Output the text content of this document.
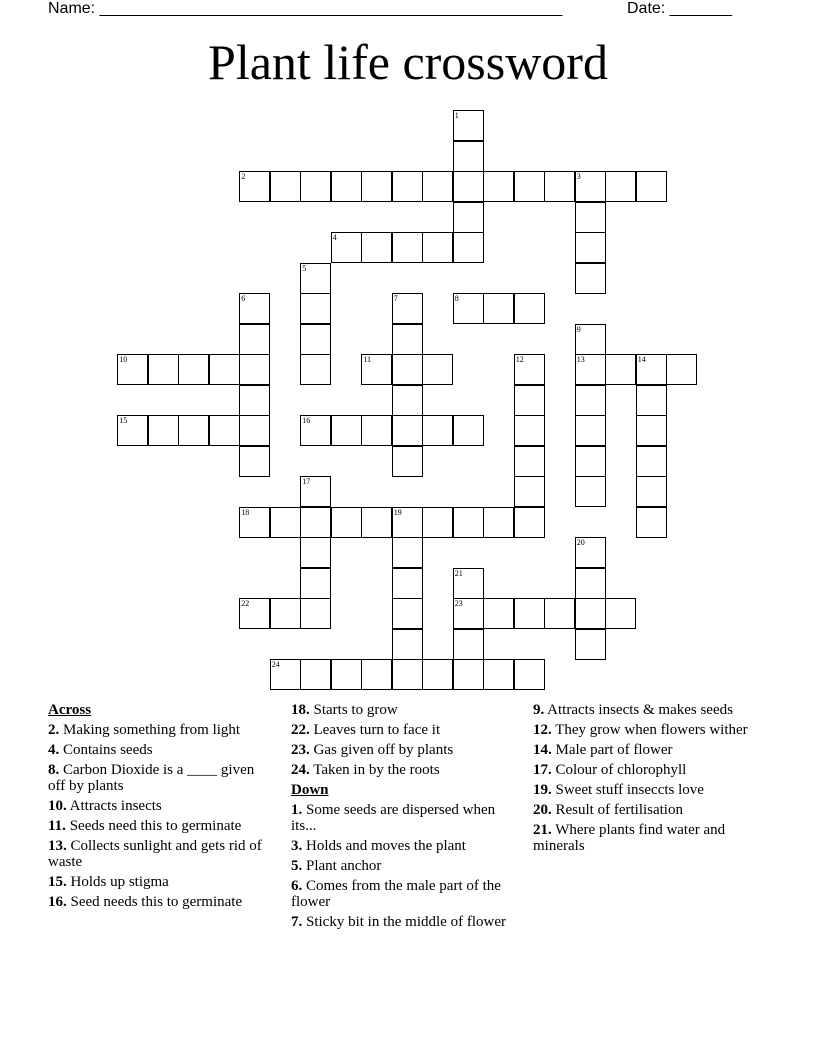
Name: ____________________________________________________	Date: _______
Plant life crossword
1
2	3
4
5
6	7	8
9
13
10	11	12	14
15	16
17
18	19
20
21
23
22
24
Across
2. Making something from light
4. Contains seeds
8. Carbon Dioxide is a ____ given off by plants
10. Attracts insects
11. Seeds need this to germinate
13. Collects sunlight and gets rid of waste
15. Holds up stigma
16. Seed needs this to germinate
18. Starts to grow
22. Leaves turn to face it
23. Gas given off by plants
24. Taken in by the roots
Down
1. Some seeds are dispersed when its...
3. Holds and moves the plant
5. Plant anchor
6. Comes from the male part of the flower
7. Sticky bit in the middle of flower
9. Attracts insects & makes seeds
12. They grow when flowers wither
14. Male part of flower
17. Colour of chlorophyll
19. Sweet stuff inseccts love
20. Result of fertilisation
21. Where plants find water and minerals
